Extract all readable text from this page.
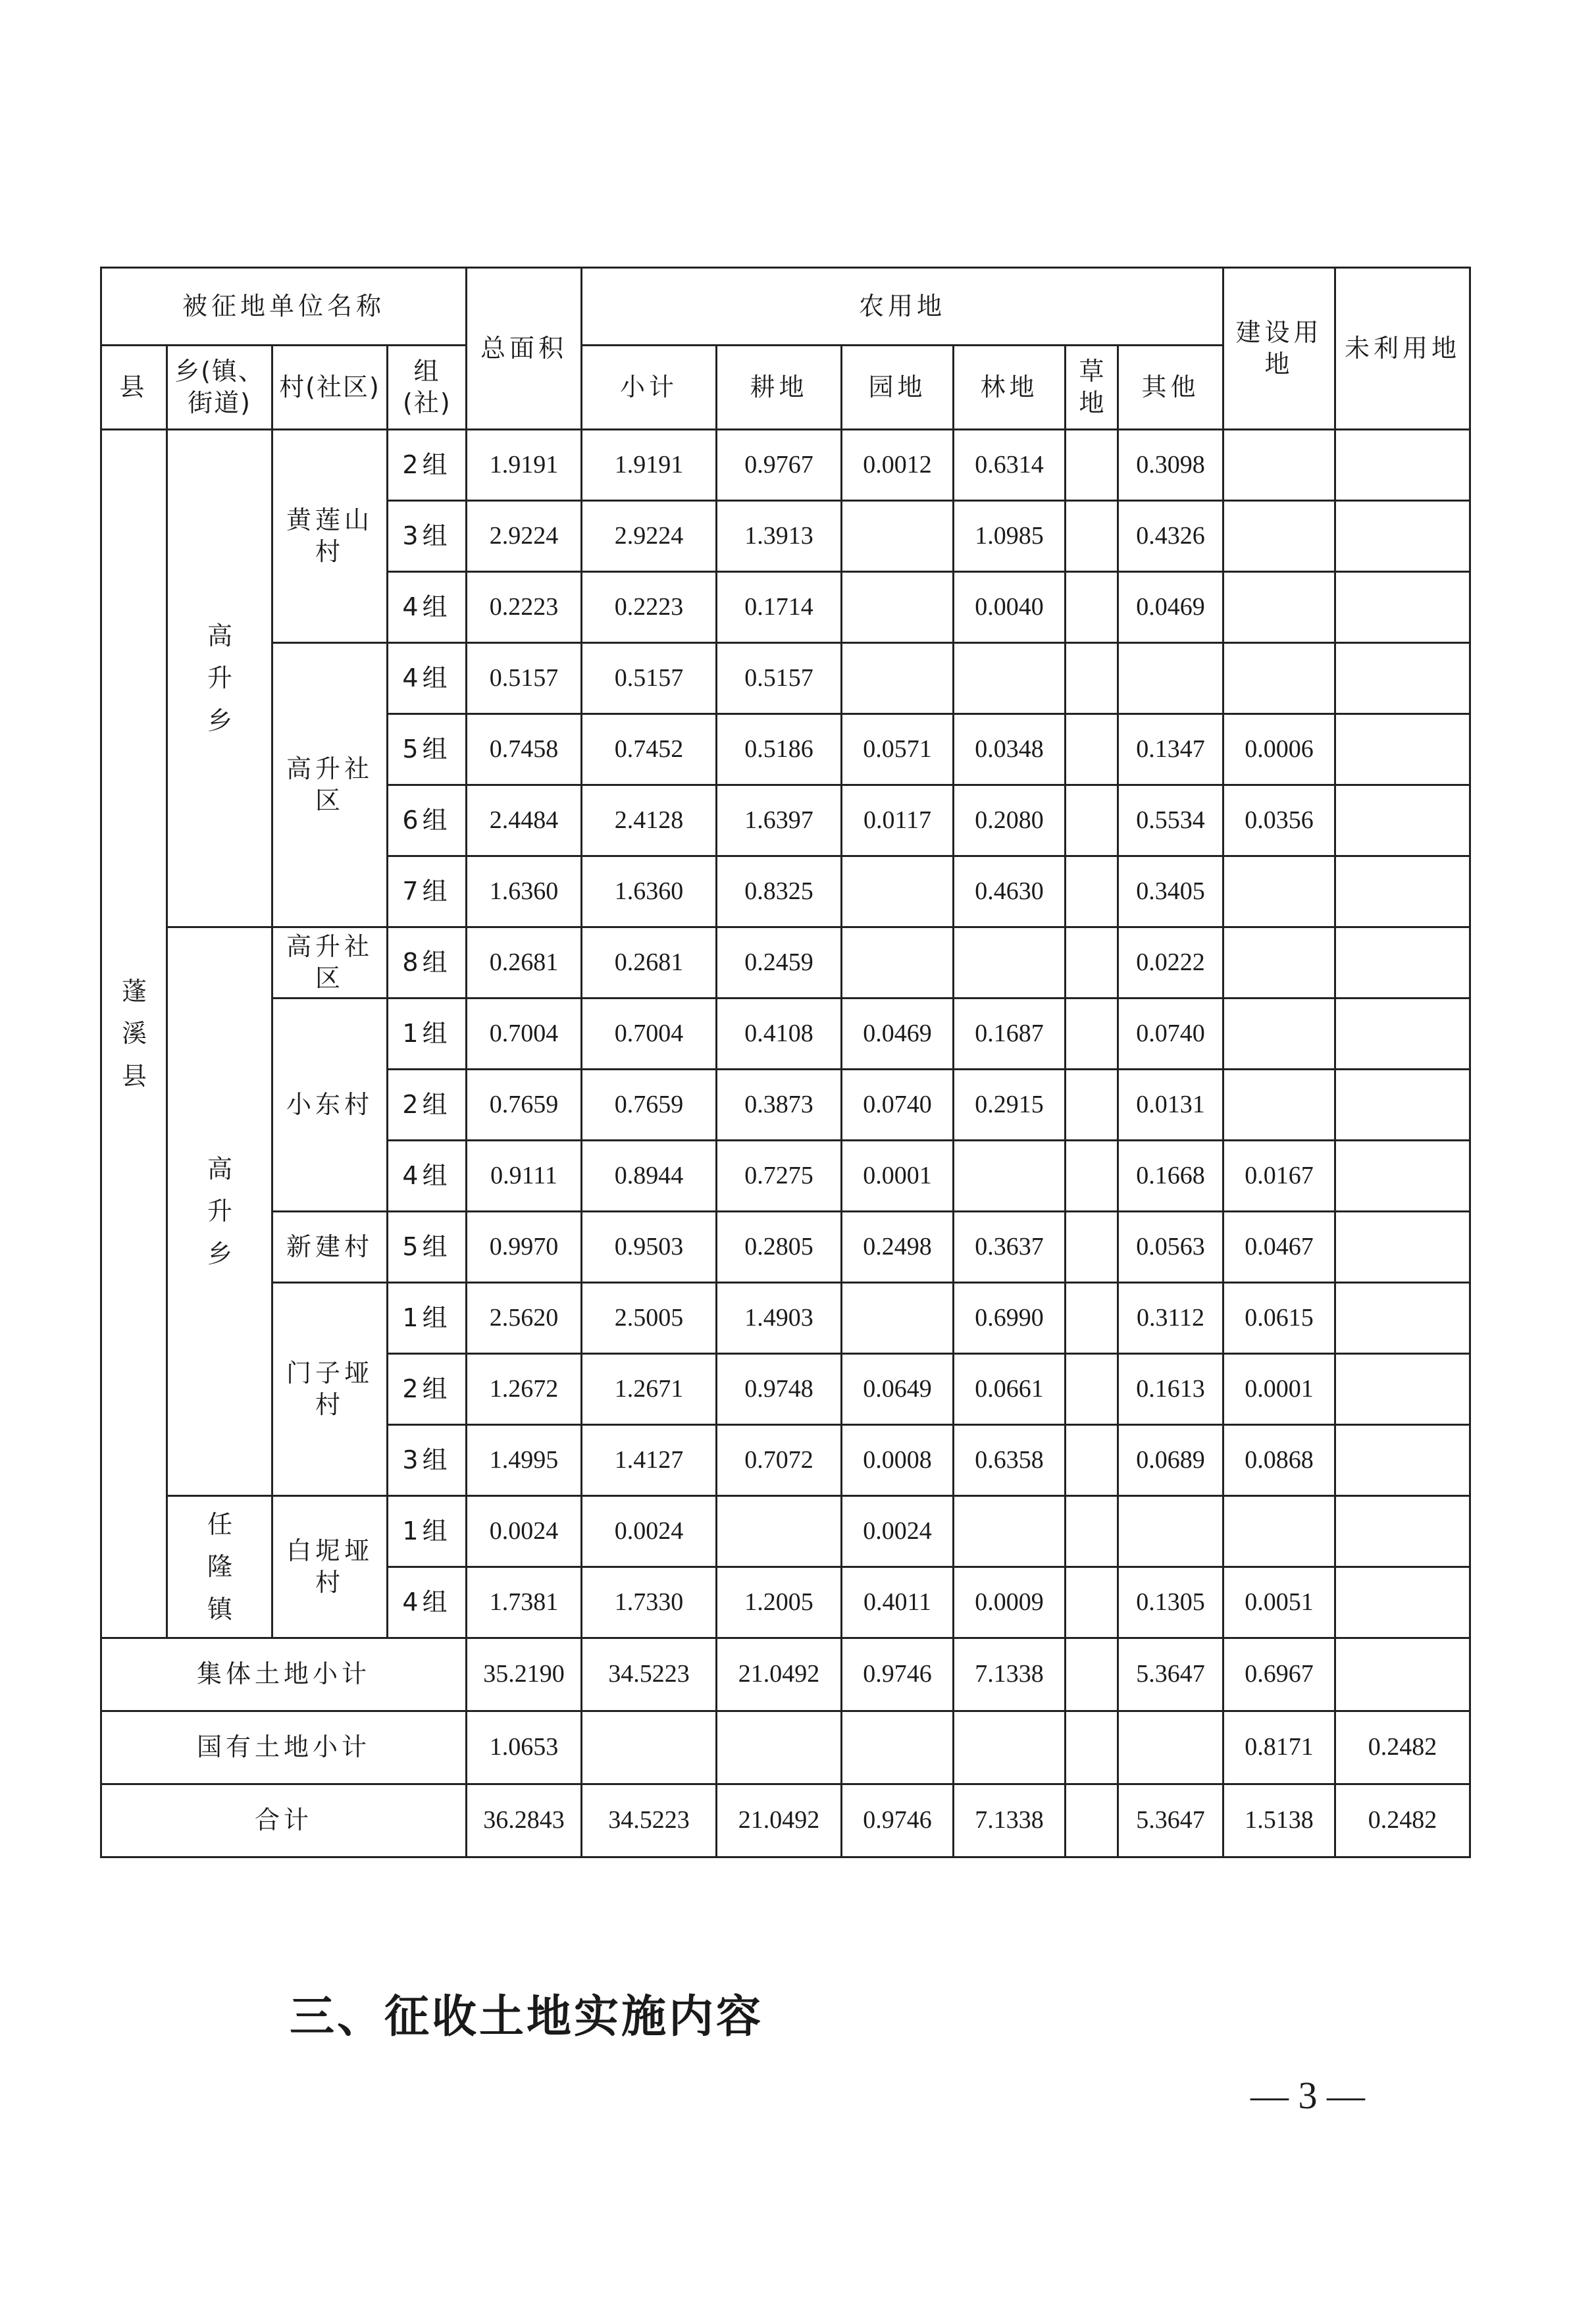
被征地单位名称				总面积	农用地						建设用地	未利用地
					小计	耕地	园地	林地	草地	其他		
县	乡(镇、街道)	村(社区)	组(社)									
蓬溪县	高升乡	黄莲山村	2组	1.9191	1.9191	0.9767	0.0012	0.6314		0.3098		
			3组	2.9224	2.9224	1.3913		1.0985		0.4326		
			4组	0.2223	0.2223	0.1714		0.0040		0.0469		
		高升社区	4组	0.5157	0.5157	0.5157						
			5组	0.7458	0.7452	0.5186	0.0571	0.0348		0.1347	0.0006	
			6组	2.4484	2.4128	1.6397	0.0117	0.2080		0.5534	0.0356	
			7组	1.6360	1.6360	0.8325		0.4630		0.3405		
	高升乡	高升社区	8组	0.2681	0.2681	0.2459				0.0222		
		小东村	1组	0.7004	0.7004	0.4108	0.0469	0.1687		0.0740		
			2组	0.7659	0.7659	0.3873	0.0740	0.2915		0.0131		
			4组	0.9111	0.8944	0.7275	0.0001			0.1668	0.0167	
		新建村	5组	0.9970	0.9503	0.2805	0.2498	0.3637		0.0563	0.0467	
		门子垭村	1组	2.5620	2.5005	1.4903		0.6990		0.3112	0.0615	
			2组	1.2672	1.2671	0.9748	0.0649	0.0661		0.1613	0.0001	
			3组	1.4995	1.4127	0.7072	0.0008	0.6358		0.0689	0.0868	
	任隆镇	白坭垭村	1组	0.0024	0.0024		0.0024					
			4组	1.7381	1.7330	1.2005	0.4011	0.0009		0.1305	0.0051	
集体土地小计				35.2190	34.5223	21.0492	0.9746	7.1338		5.3647	0.6967	
国有土地小计				1.0653							0.8171	0.2482
合计				36.2843	34.5223	21.0492	0.9746	7.1338		5.3647	1.5138	0.2482
三、征收土地实施内容
— 3 —
